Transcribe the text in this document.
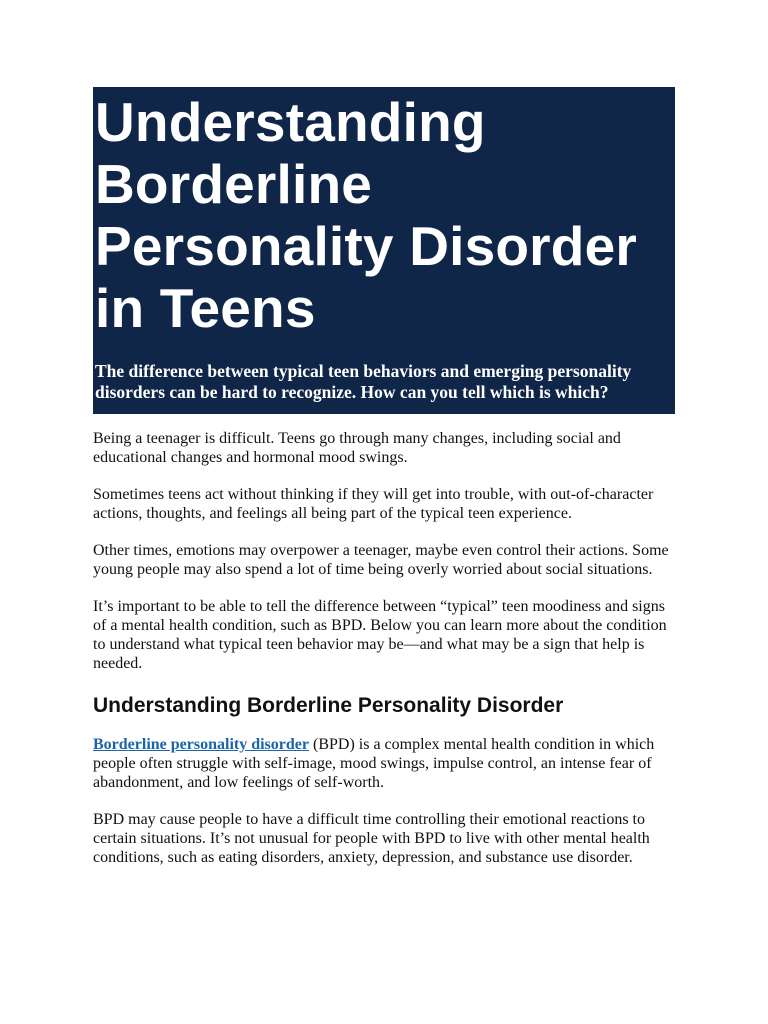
Understanding Borderline Personality Disorder in Teens

The difference between typical teen behaviors and emerging personality disorders can be hard to recognize. How can you tell which is which?

Being a teenager is difficult. Teens go through many changes, including social and educational changes and hormonal mood swings.

Sometimes teens act without thinking if they will get into trouble, with out-of-character actions, thoughts, and feelings all being part of the typical teen experience.

Other times, emotions may overpower a teenager, maybe even control their actions. Some young people may also spend a lot of time being overly worried about social situations.

It’s important to be able to tell the difference between “typical” teen moodiness and signs of a mental health condition, such as BPD. Below you can learn more about the condition to understand what typical teen behavior may be—and what may be a sign that help is needed.

Understanding Borderline Personality Disorder

Borderline personality disorder (BPD) is a complex mental health condition in which people often struggle with self-image, mood swings, impulse control, an intense fear of abandonment, and low feelings of self-worth.

BPD may cause people to have a difficult time controlling their emotional reactions to certain situations. It’s not unusual for people with BPD to live with other mental health conditions, such as eating disorders, anxiety, depression, and substance use disorder.
